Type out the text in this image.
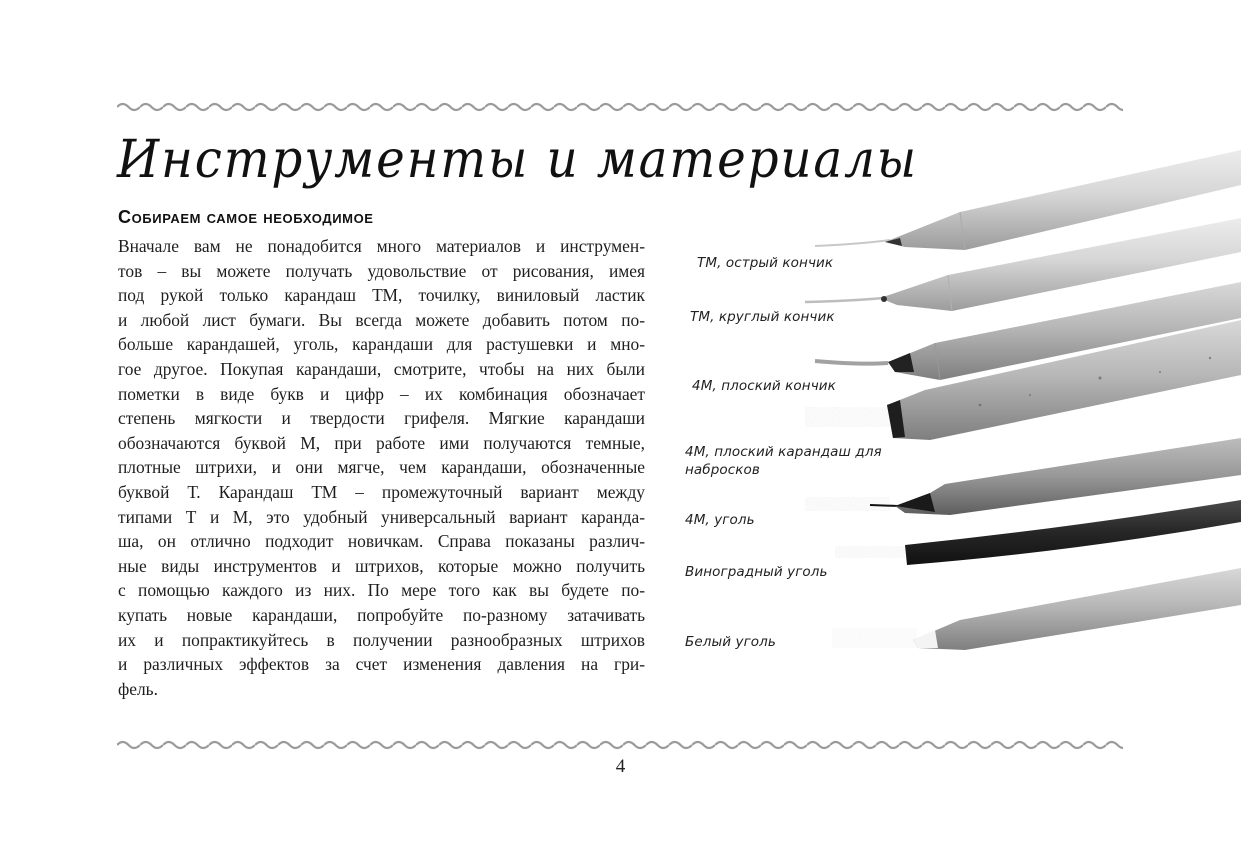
Инструменты и материалы
Собираем самое необходимое
Вначале вам не понадобится много материалов и инструмен-
тов – вы можете получать удовольствие от рисования, имея
под рукой только карандаш ТМ, точилку, виниловый ластик
и любой лист бумаги. Вы всегда можете добавить потом по-
больше карандашей, уголь, карандаши для растушевки и мно-
гое другое. Покупая карандаши, смотрите, чтобы на них были
пометки в виде букв и цифр – их комбинация обозначает
степень мягкости и твердости грифеля. Мягкие карандаши
обозначаются буквой М, при работе ими получаются темные,
плотные штрихи, и они мягче, чем карандаши, обозначенные
буквой Т. Карандаш ТМ – промежуточный вариант между
типами Т и М, это удобный универсальный вариант каранда-
ша, он отлично подходит новичкам. Справа показаны различ-
ные виды инструментов и штрихов, которые можно получить
с помощью каждого из них. По мере того как вы будете по-
купать новые карандаши, попробуйте по-разному затачивать
их и попрактикуйтесь в получении разнообразных штрихов
и различных эффектов за счет изменения давления на гри-
фель.
ТМ, острый кончик
ТМ, круглый кончик
4М, плоский кончик
4М, плоский карандаш для
набросков
4М, уголь
Виноградный уголь
Белый уголь
4
